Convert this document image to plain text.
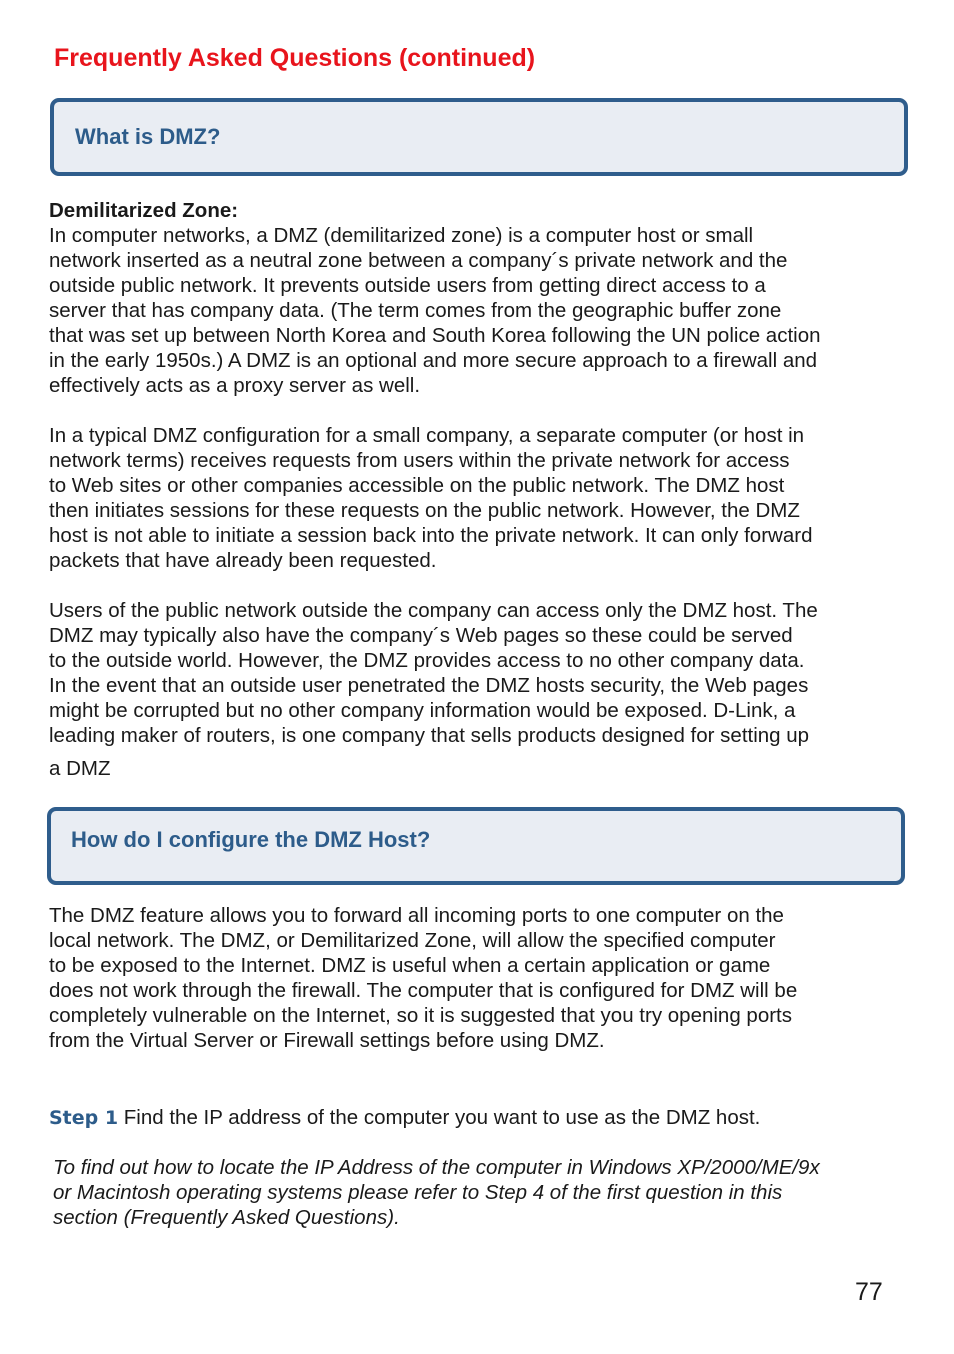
Frequently Asked Questions (continued)
What is DMZ?
Demilitarized Zone:
In computer networks, a DMZ (demilitarized zone) is a computer host or small
network inserted as a neutral zone between a company´s private network and the
outside public network. It prevents outside users from getting direct access to a
server that has company data. (The term comes from the geographic buffer zone
that was set up between North Korea and South Korea following the UN police action
in the early 1950s.) A DMZ is an optional and more secure approach to a firewall and
effectively acts as a proxy server as well.
In a typical DMZ configuration for a small company, a separate computer (or host in
network terms) receives requests from users within the private network for access
to Web sites or other companies accessible on the public network. The DMZ host
then initiates sessions for these requests on the public network. However, the DMZ
host is not able to initiate a session back into the private network. It can only forward
packets that have already been requested.
Users of the public network outside the company can access only the DMZ host. The
DMZ may typically also have the company´s Web pages so these could be served
to the outside world. However, the DMZ provides access to no other company data.
In the event that an outside user penetrated the DMZ hosts security, the Web pages
might be corrupted but no other company information would be exposed. D-Link, a
leading maker of routers, is one company that sells products designed for setting up
a DMZ
How do I configure the DMZ Host?
The DMZ feature allows you to forward all incoming ports to one computer on the
local network. The DMZ, or Demilitarized Zone, will allow the specified computer
to be exposed to the Internet. DMZ is useful when a certain application or game
does not work through the firewall. The computer that is configured for DMZ will be
completely vulnerable on the Internet, so it is suggested that you try opening ports
from the Virtual Server or Firewall settings before using DMZ.
Step 1 Find the IP address of the computer you want to use as the DMZ host.
To find out how to locate the IP Address of the computer in Windows XP/2000/ME/9x
or Macintosh operating systems please refer to Step 4 of the first question in this
section (Frequently Asked Questions).

77
